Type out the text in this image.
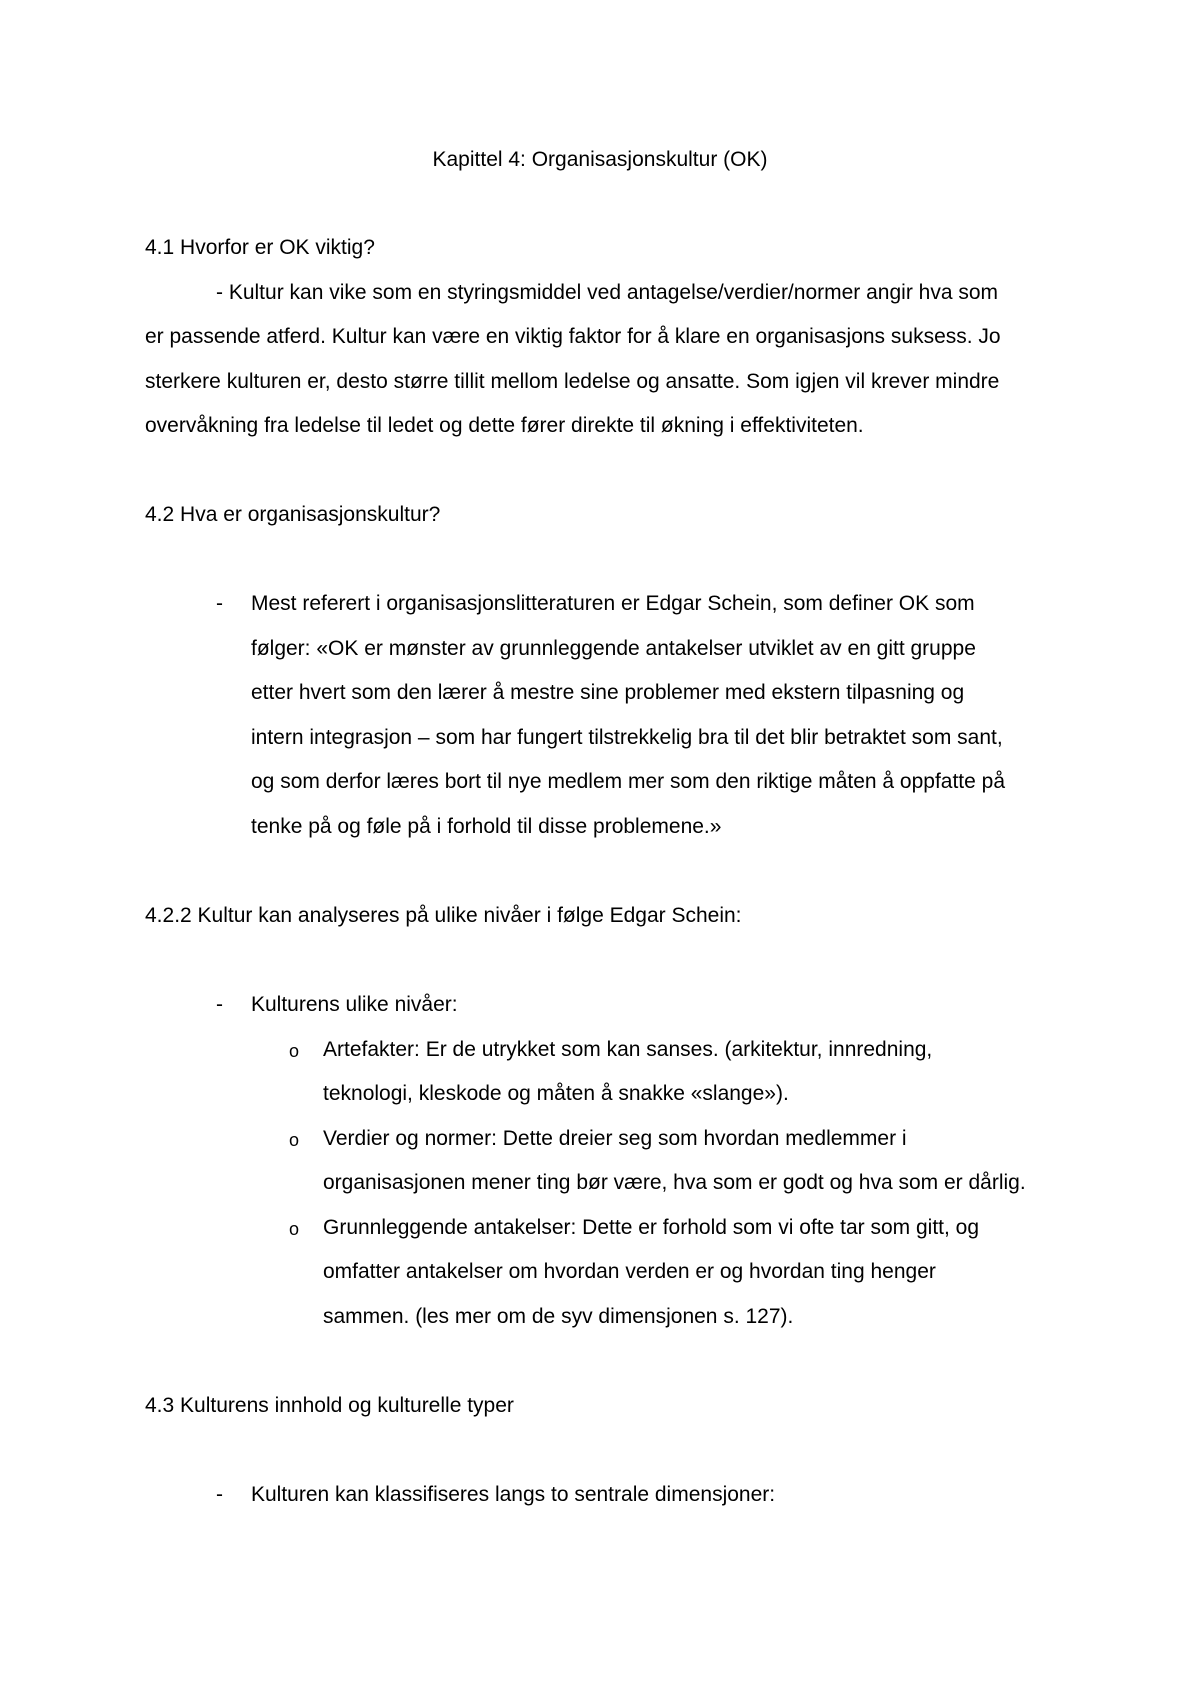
Kapittel 4: Organisasjonskultur (OK)
4.1 Hvorfor er OK viktig?
- Kultur kan vike som en styringsmiddel ved antagelse/verdier/normer angir hva som
er passende atferd. Kultur kan være en viktig faktor for å klare en organisasjons suksess. Jo
sterkere kulturen er, desto større tillit mellom ledelse og ansatte. Som igjen vil krever mindre
overvåkning fra ledelse til ledet og dette fører direkte til økning i effektiviteten.
4.2 Hva er organisasjonskultur?
- Mest referert i organisasjonslitteraturen er Edgar Schein, som definer OK som
følger: «OK er mønster av grunnleggende antakelser utviklet av en gitt gruppe
etter hvert som den lærer å mestre sine problemer med ekstern tilpasning og
intern integrasjon – som har fungert tilstrekkelig bra til det blir betraktet som sant,
og som derfor læres bort til nye medlem mer som den riktige måten å oppfatte på
tenke på og føle på i forhold til disse problemene.»
4.2.2 Kultur kan analyseres på ulike nivåer i følge Edgar Schein:
- Kulturens ulike nivåer:
o Artefakter: Er de utrykket som kan sanses. (arkitektur, innredning,
teknologi, kleskode og måten å snakke «slange»).
o Verdier og normer: Dette dreier seg som hvordan medlemmer i
organisasjonen mener ting bør være, hva som er godt og hva som er dårlig.
o Grunnleggende antakelser: Dette er forhold som vi ofte tar som gitt, og
omfatter antakelser om hvordan verden er og hvordan ting henger
sammen. (les mer om de syv dimensjonen s. 127).
4.3 Kulturens innhold og kulturelle typer
- Kulturen kan klassifiseres langs to sentrale dimensjoner:
